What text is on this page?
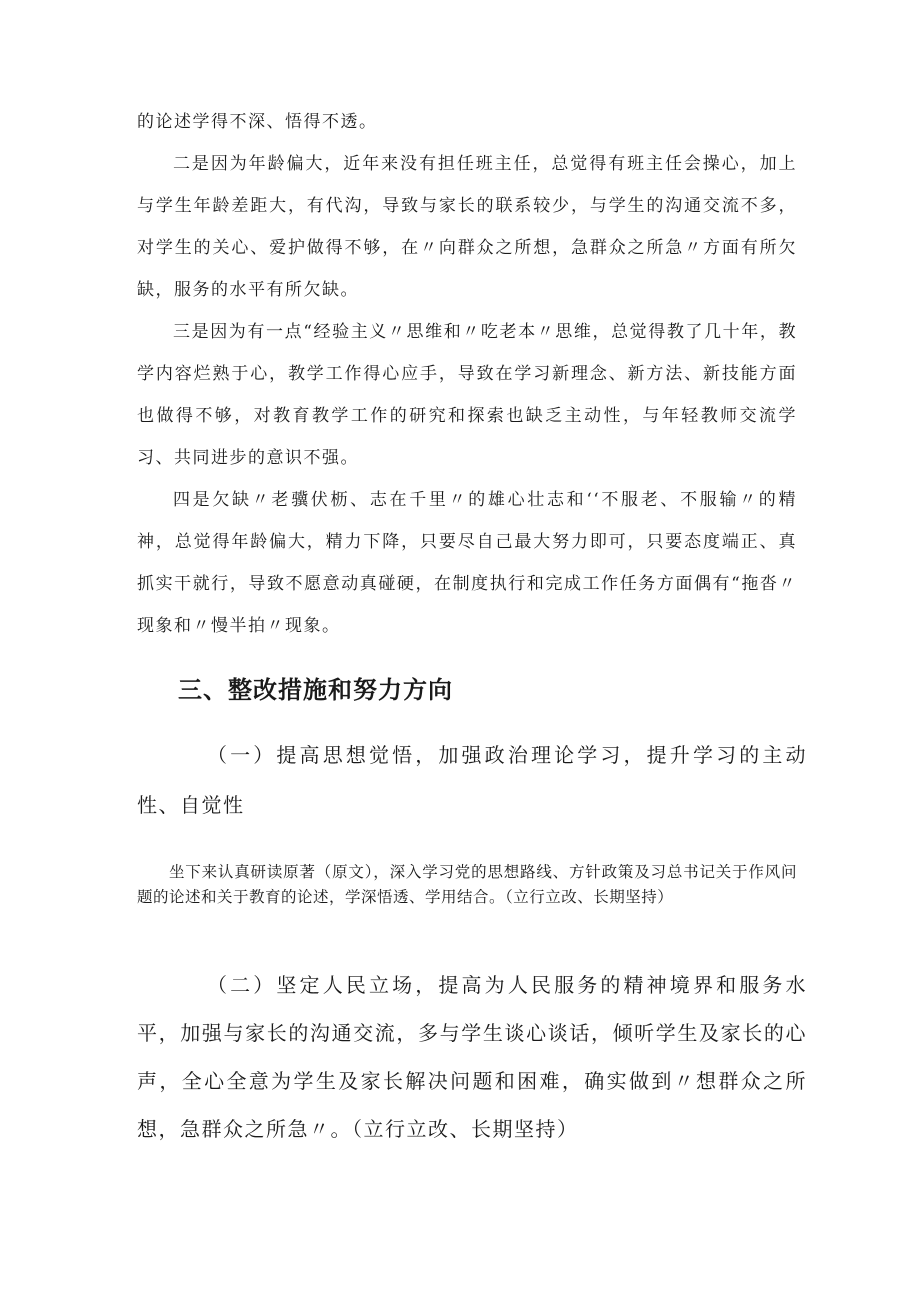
的论述学得不深、悟得不透。

二是因为年龄偏大，近年来没有担任班主任，总觉得有班主任会操心，加上与学生年龄差距大，有代沟，导致与家长的联系较少，与学生的沟通交流不多，对学生的关心、爱护做得不够，在〃向群众之所想，急群众之所急〃方面有所欠缺，服务的水平有所欠缺。

三是因为有一点“经验主义〃思维和〃吃老本〃思维，总觉得教了几十年，教学内容烂熟于心，教学工作得心应手，导致在学习新理念、新方法、新技能方面也做得不够，对教育教学工作的研究和探索也缺乏主动性，与年轻教师交流学习、共同进步的意识不强。

四是欠缺〃老骥伏枥、志在千里〃的雄心壮志和‘‘不服老、不服输〃的精神，总觉得年龄偏大，精力下降，只要尽自己最大努力即可，只要态度端正、真抓实干就行，导致不愿意动真碰硬，在制度执行和完成工作任务方面偶有“拖沓〃现象和〃慢半拍〃现象。

三、整改措施和努力方向

（一）提高思想觉悟，加强政治理论学习，提升学习的主动性、自觉性

坐下来认真研读原著（原文），深入学习党的思想路线、方针政策及习总书记关于作风问题的论述和关于教育的论述，学深悟透、学用结合。（立行立改、长期坚持）

（二）坚定人民立场，提高为人民服务的精神境界和服务水平，加强与家长的沟通交流，多与学生谈心谈话，倾听学生及家长的心声，全心全意为学生及家长解决问题和困难，确实做到〃想群众之所想，急群众之所急〃。（立行立改、长期坚持）
